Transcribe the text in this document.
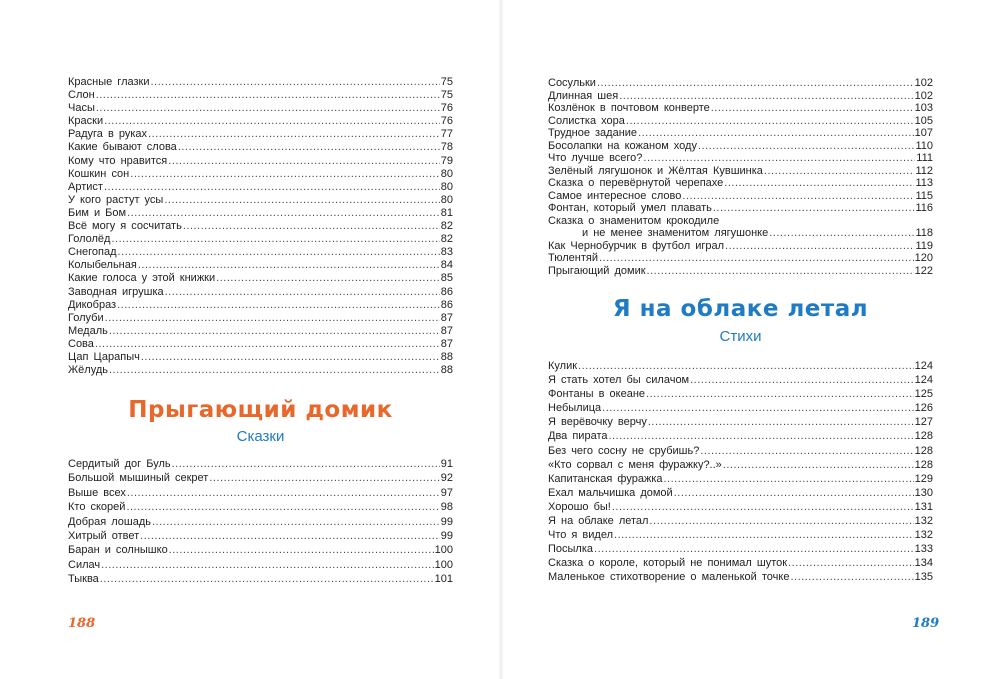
Красные глазки .....	75
Слон .....	75
Часы .....	76
Краски .....	76
Радуга в руках .....	77
Какие бывают слова .....	78
Кому что нравится .....	79
Кошкин сон .....	80
Артист .....	80
У кого растут усы .....	80
Бим и Бом .....	81
Всё могу я сосчитать .....	82
Гололёд .....	82
Снегопад .....	83
Колыбельная .....	84
Какие голоса у этой книжки .....	85
Заводная игрушка .....	86
Дикобраз .....	86
Голуби .....	87
Медаль .....	87
Сова .....	87
Цап Царапыч .....	88
Жёлудь .....	88
Прыгающий домик
Сказки
Сердитый дог Буль .....	91
Большой мышиный секрет .....	92
Выше всех .....	97
Кто скорей .....	98
Добрая лошадь .....	99
Хитрый ответ .....	99
Баран и солнышко .....	100
Силач .....	100
Тыква .....	101
188
Сосульки .....	102
Длинная шея .....	102
Козлёнок в почтовом конверте .....	103
Солистка хора .....	105
Трудное задание .....	107
Босолапки на кожаном ходу .....	110
Что лучше всего? .....	111
Зелёный лягушонок и Жёлтая Кувшинка .....	112
Сказка о перевёрнутой черепахе .....	113
Самое интересное слово .....	115
Фонтан, который умел плавать .....	116
Сказка о знаменитом крокодиле
и не менее знаменитом лягушонке .....	118
Как Чернобурчик в футбол играл .....	119
Тюлентяй .....	120
Прыгающий домик .....	122
Я на облаке летал
Стихи
Кулик .....	124
Я стать хотел бы силачом .....	124
Фонтаны в океане .....	125
Небылица .....	126
Я верёвочку верчу .....	127
Два пирата .....	128
Без чего сосну не срубишь? .....	128
«Кто сорвал с меня фуражку?..» .....	128
Капитанская фуражка .....	129
Ехал мальчишка домой .....	130
Хорошо бы! .....	131
Я на облаке летал .....	132
Что я видел .....	132
Посылка .....	133
Сказка о короле, который не понимал шуток .....	134
Маленькое стихотворение о маленькой точке .....	135
189
